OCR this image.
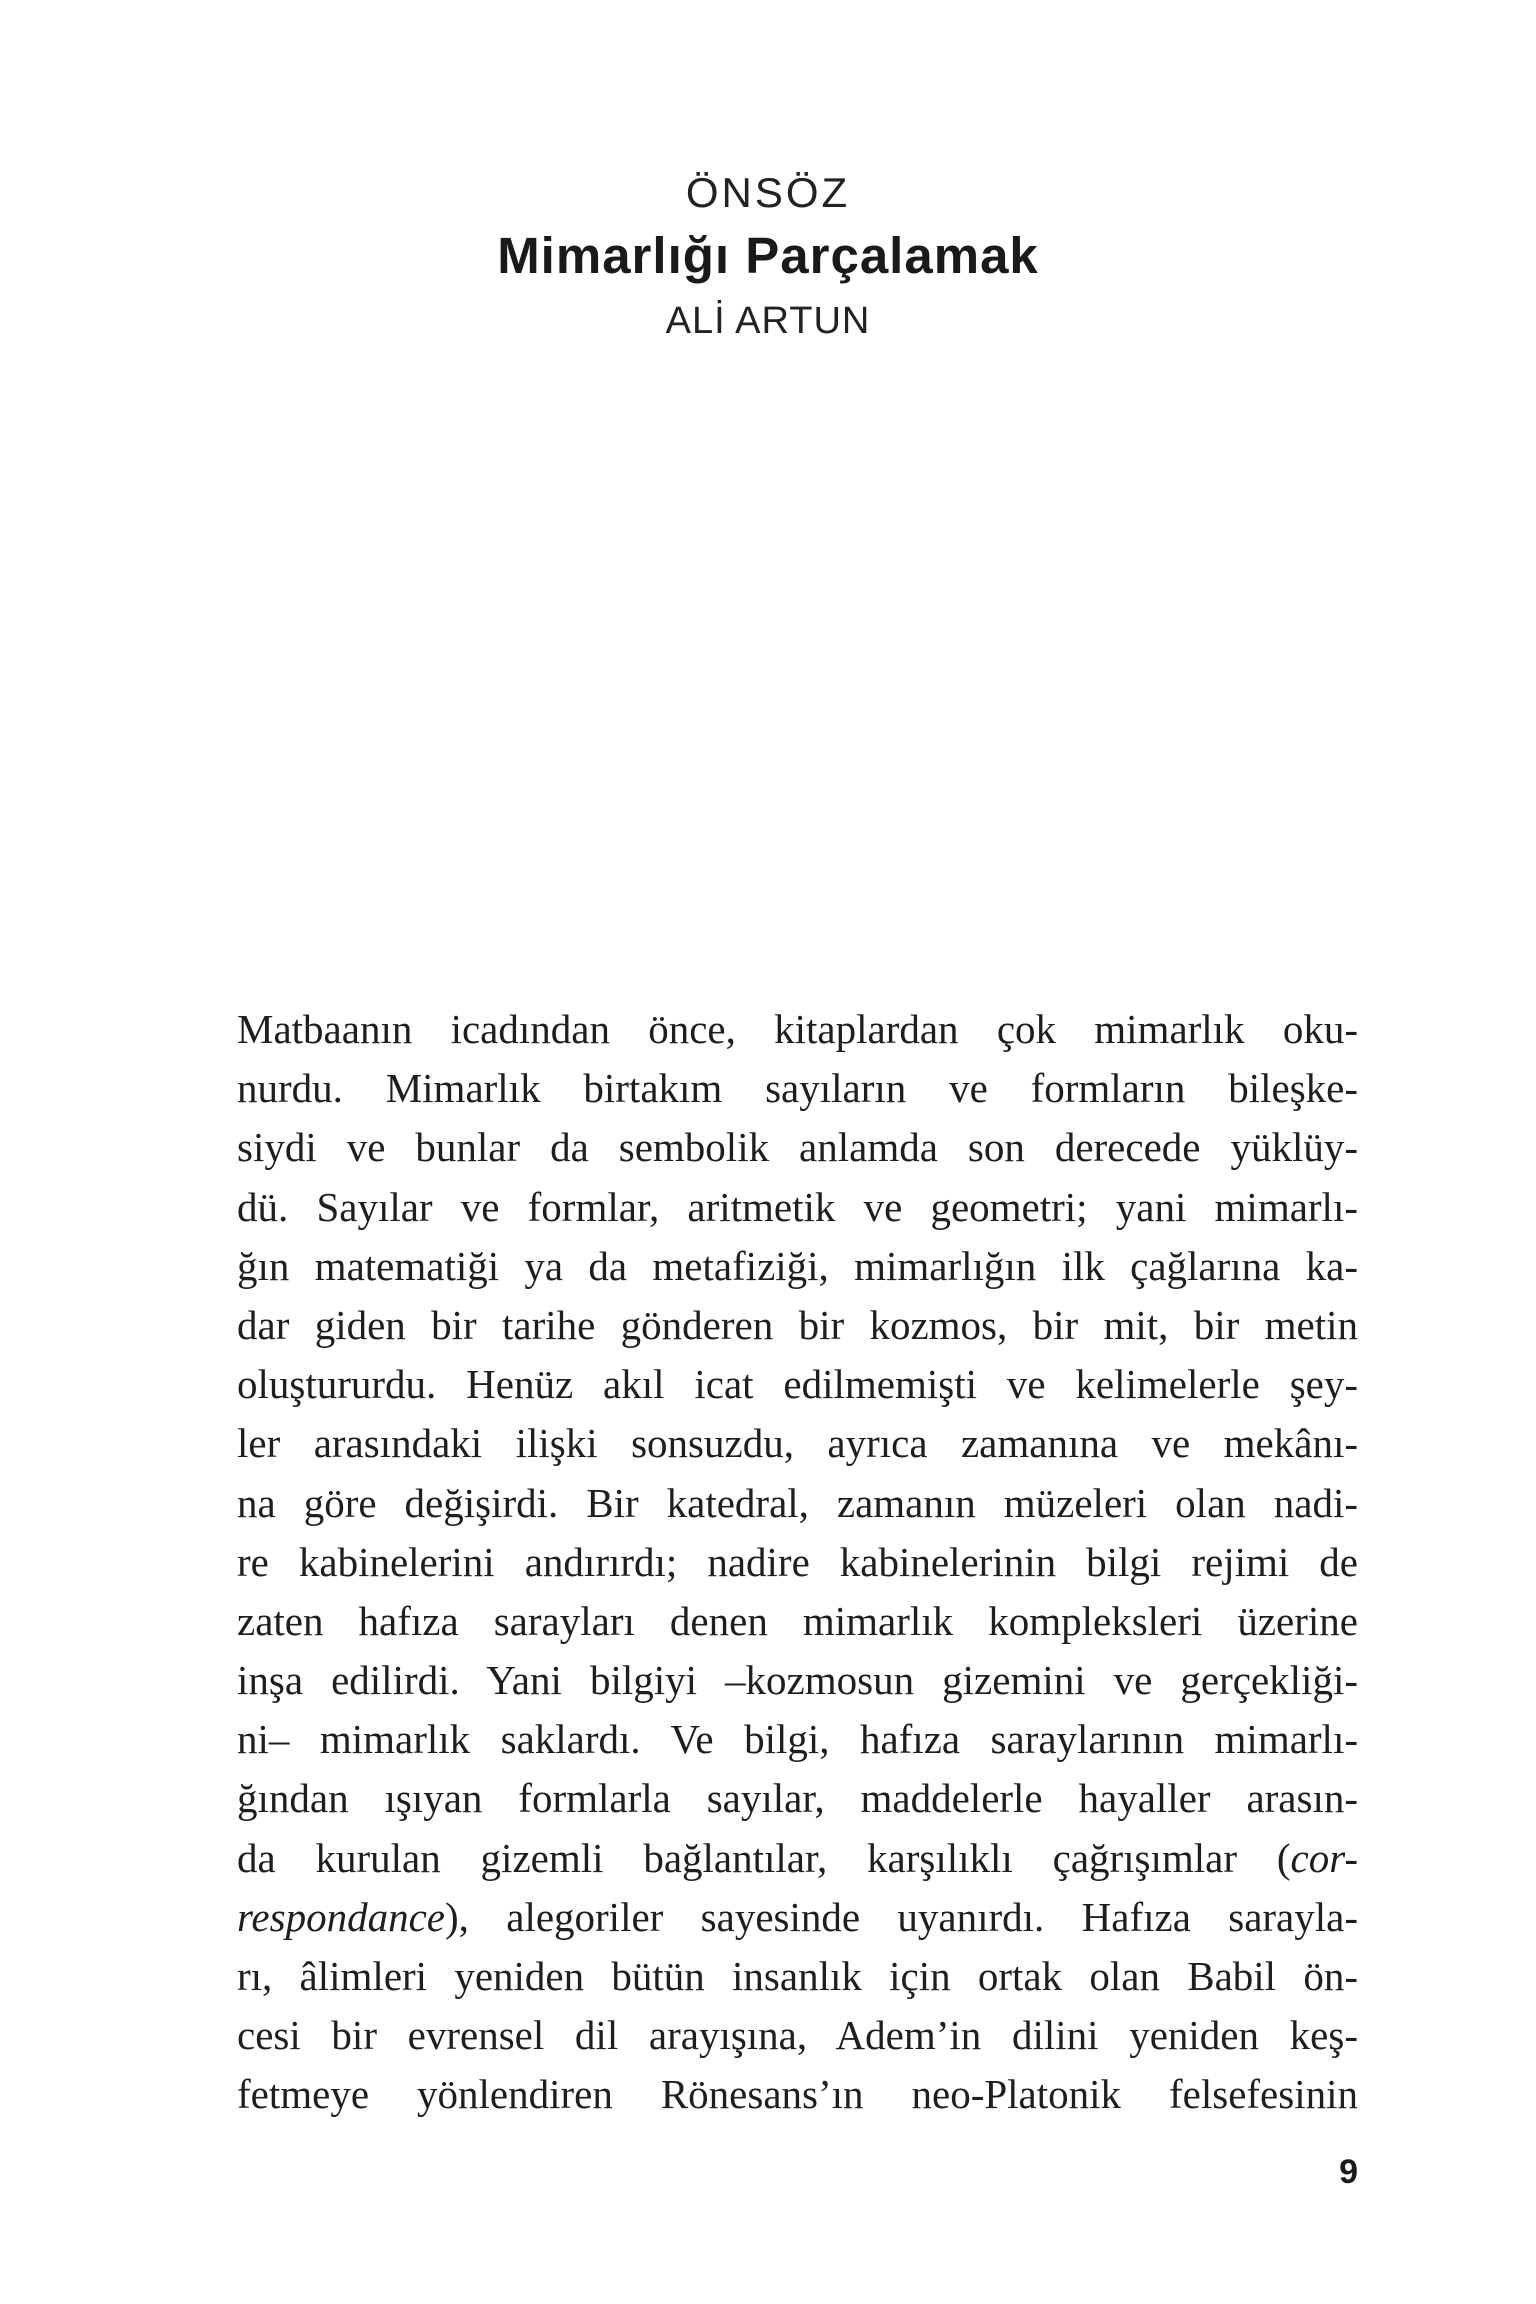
ÖNSÖZ
Mimarlığı Parçalamak
ALİ ARTUN
Matbaanın icadından önce, kitaplardan çok mimarlık oku-
nurdu. Mimarlık birtakım sayıların ve formların bileşke-
siydi ve bunlar da sembolik anlamda son derecede yüklüy-
dü. Sayılar ve formlar, aritmetik ve geometri; yani mimarlı-
ğın matematiği ya da metafiziği, mimarlığın ilk çağlarına ka-
dar giden bir tarihe gönderen bir kozmos, bir mit, bir metin
oluştururdu. Henüz akıl icat edilmemişti ve kelimelerle şey-
ler arasındaki ilişki sonsuzdu, ayrıca zamanına ve mekânı-
na göre değişirdi. Bir katedral, zamanın müzeleri olan nadi-
re kabinelerini andırırdı; nadire kabinelerinin bilgi rejimi de
zaten hafıza sarayları denen mimarlık kompleksleri üzerine
inşa edilirdi. Yani bilgiyi –kozmosun gizemini ve gerçekliği-
ni– mimarlık saklardı. Ve bilgi, hafıza saraylarının mimarlı-
ğından ışıyan formlarla sayılar, maddelerle hayaller arasın-
da kurulan gizemli bağlantılar, karşılıklı çağrışımlar (cor-
respondance), alegoriler sayesinde uyanırdı. Hafıza sarayla-
rı, âlimleri yeniden bütün insanlık için ortak olan Babil ön-
cesi bir evrensel dil arayışına, Adem’in dilini yeniden keş-
fetmeye yönlendiren Rönesans’ın neo-Platonik felsefesinin
9
